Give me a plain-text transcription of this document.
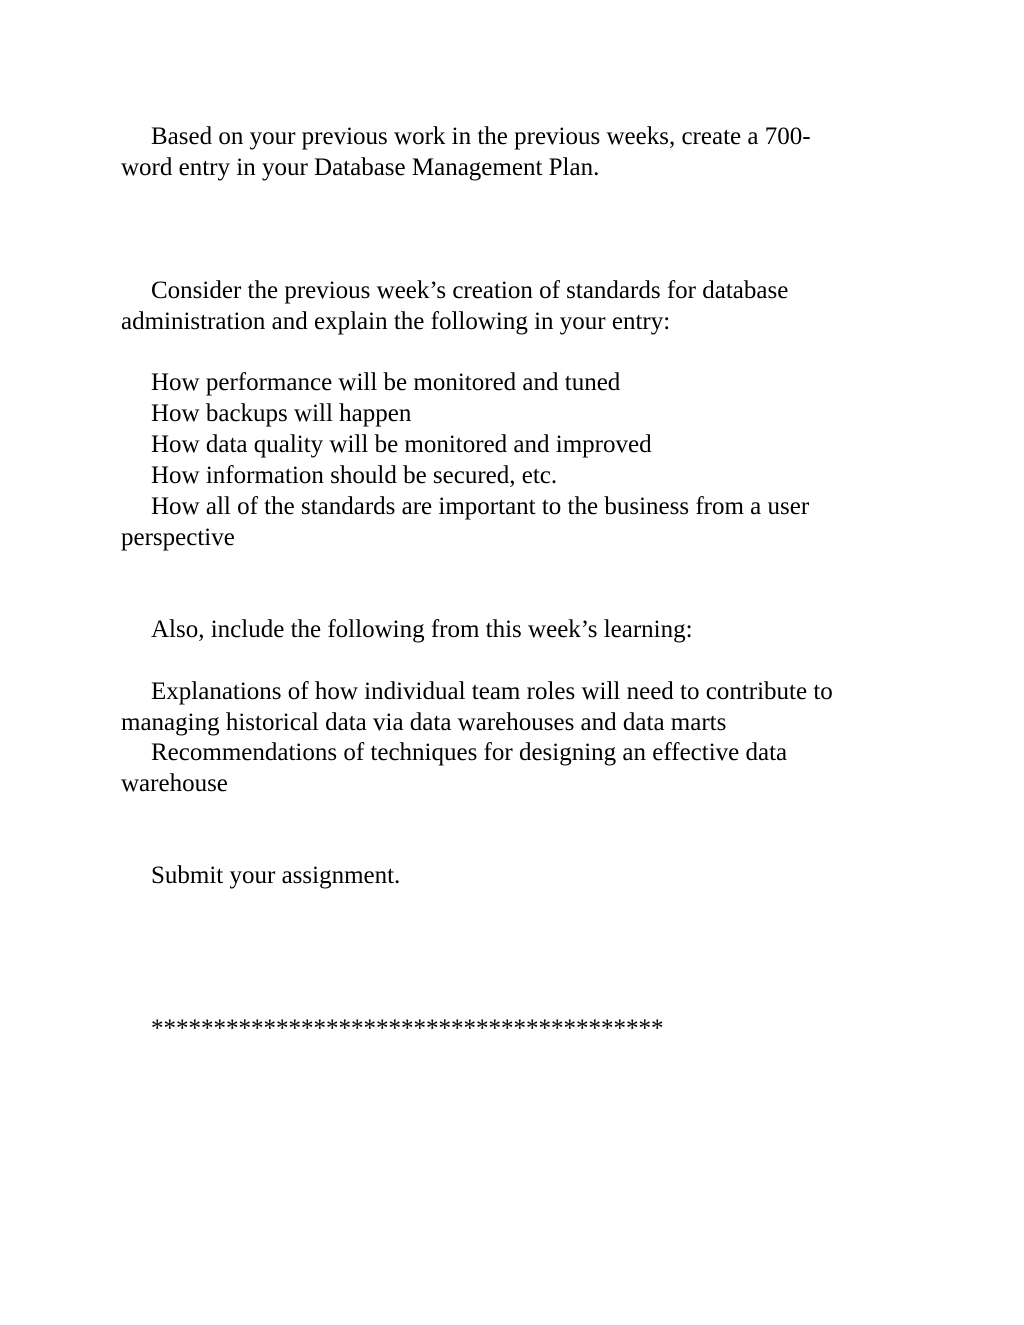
Based on your previous work in the previous weeks, create a 700-
word entry in your Database Management Plan.

Consider the previous week’s creation of standards for database
administration and explain the following in your entry:

How performance will be monitored and tuned

How backups will happen

How data quality will be monitored and improved

How information should be secured, etc.

How all of the standards are important to the business from a user
perspective

Also, include the following from this week’s learning:

Explanations of how individual team roles will need to contribute to
managing historical data via data warehouses and data marts

Recommendations of techniques for designing an effective data
warehouse

Submit your assignment.

*****************************************
